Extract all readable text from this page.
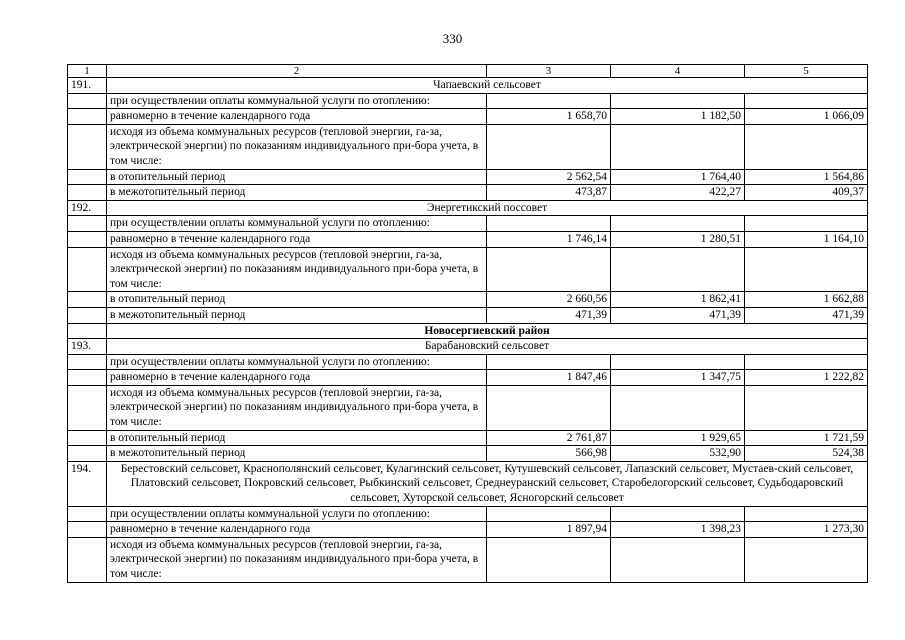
330
1	2	3	4	5
191.	Чапаевский сельсовет			
	при осуществлении оплаты коммунальной услуги по отоплению:			
	равномерно в течение календарного года	1 658,70	1 182,50	1 066,09
	исходя из объема коммунальных ресурсов (тепловой энергии, га-за, электрической энергии) по показаниям индивидуального при-бора учета, в том числе:			
	в отопительный период	2 562,54	1 764,40	1 564,86
	в межотопительный период	473,87	422,27	409,37
192.	Энергетикский поссовет			
	при осуществлении оплаты коммунальной услуги по отоплению:			
	равномерно в течение календарного года	1 746,14	1 280,51	1 164,10
	исходя из объема коммунальных ресурсов (тепловой энергии, га-за, электрической энергии) по показаниям индивидуального при-бора учета, в том числе:			
	в отопительный период	2 660,56	1 862,41	1 662,88
	в межотопительный период	471,39	471,39	471,39
	Новосергиевский район			
193.	Барабановский сельсовет			
	при осуществлении оплаты коммунальной услуги по отоплению:			
	равномерно в течение календарного года	1 847,46	1 347,75	1 222,82
	исходя из объема коммунальных ресурсов (тепловой энергии, га-за, электрической энергии) по показаниям индивидуального при-бора учета, в том числе:			
	в отопительный период	2 761,87	1 929,65	1 721,59
	в межотопительный период	566,98	532,90	524,38
194.	Берестовский сельсовет, Краснополянский сельсовет, Кулагинский сельсовет, Кутушевский сельсовет, Лапазский сельсовет, Мустаев-ский сельсовет, Платовский сельсовет, Покровский сельсовет, Рыбкинский сельсовет, Среднеуранский сельсовет, Старобелогорский сельсовет, Судьбодаровский сельсовет, Хуторской сельсовет, Ясногорский сельсовет			
	при осуществлении оплаты коммунальной услуги по отоплению:			
	равномерно в течение календарного года	1 897,94	1 398,23	1 273,30
	исходя из объема коммунальных ресурсов (тепловой энергии, га-за, электрической энергии) по показаниям индивидуального при-бора учета, в том числе:			
